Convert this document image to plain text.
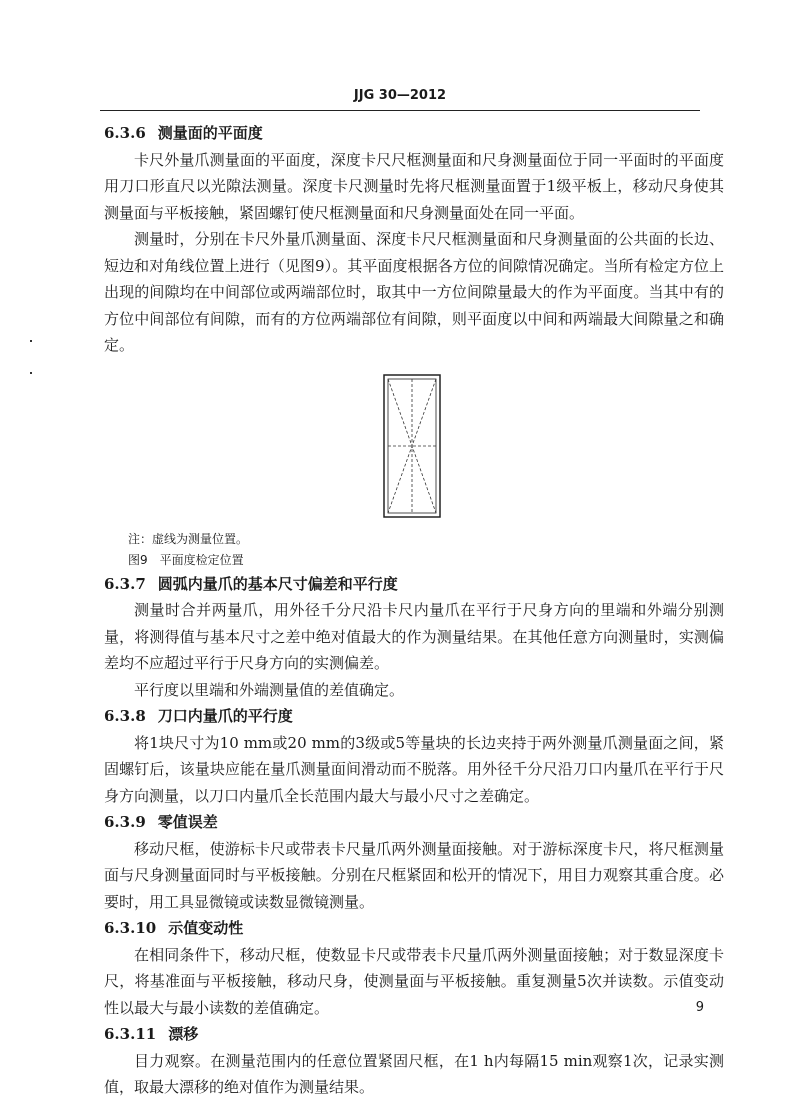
JJG 30—2012

6.3.6 测量面的平面度

卡尺外量爪测量面的平面度，深度卡尺尺框测量面和尺身测量面位于同一平面时的平面度用刀口形直尺以光隙法测量。深度卡尺测量时先将尺框测量面置于1级平板上，移动尺身使其测量面与平板接触，紧固螺钉使尺框测量面和尺身测量面处在同一平面。

测量时，分别在卡尺外量爪测量面、深度卡尺尺框测量面和尺身测量面的公共面的长边、短边和对角线位置上进行（见图9）。其平面度根据各方位的间隙情况确定。当所有检定方位上出现的间隙均在中间部位或两端部位时，取其中一方位间隙量最大的作为平面度。当其中有的方位中间部位有间隙，而有的方位两端部位有间隙，则平面度以中间和两端最大间隙量之和确定。

注：虚线为测量位置。

图9　平面度检定位置

6.3.7 圆弧内量爪的基本尺寸偏差和平行度

测量时合并两量爪，用外径千分尺沿卡尺内量爪在平行于尺身方向的里端和外端分别测量，将测得值与基本尺寸之差中绝对值最大的作为测量结果。在其他任意方向测量时，实测偏差均不应超过平行于尺身方向的实测偏差。

平行度以里端和外端测量值的差值确定。

6.3.8 刀口内量爪的平行度

将1块尺寸为10 mm或20 mm的3级或5等量块的长边夹持于两外测量爪测量面之间，紧固螺钉后，该量块应能在量爪测量面间滑动而不脱落。用外径千分尺沿刀口内量爪在平行于尺身方向测量，以刀口内量爪全长范围内最大与最小尺寸之差确定。

6.3.9 零值误差

移动尺框，使游标卡尺或带表卡尺量爪两外测量面接触。对于游标深度卡尺，将尺框测量面与尺身测量面同时与平板接触。分别在尺框紧固和松开的情况下，用目力观察其重合度。必要时，用工具显微镜或读数显微镜测量。

6.3.10 示值变动性

在相同条件下，移动尺框，使数显卡尺或带表卡尺量爪两外测量面接触；对于数显深度卡尺，将基准面与平板接触，移动尺身，使测量面与平板接触。重复测量5次并读数。示值变动性以最大与最小读数的差值确定。

6.3.11 漂移

目力观察。在测量范围内的任意位置紧固尺框，在1 h内每隔15 min观察1次，记录实测值，取最大漂移的绝对值作为测量结果。

9
